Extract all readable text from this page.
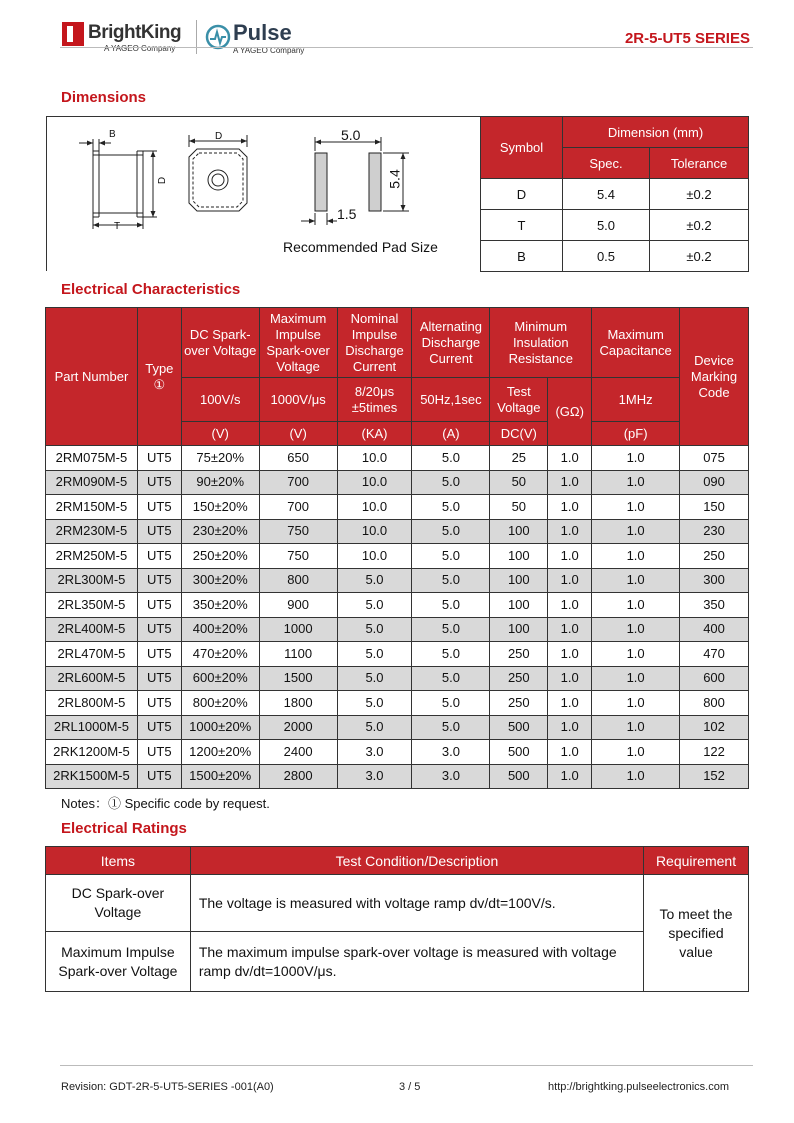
BrightKing
A YAGEO Company
Pulse
A YAGEO Company
2R-5-UT5 SERIES
Dimensions
B
T
D
D	5.0
5.4
1.5
Recommended Pad Size
Symbol	Dimension (mm)	
	Spec.	Tolerance
D	5.4	±0.2
T	5.0	±0.2
B	0.5	±0.2
Electrical Characteristics
Part Number	Type ①	DC Spark-over Voltage	Maximum Impulse Spark-over Voltage	Nominal Impulse Discharge Current	Alternating Discharge Current	Minimum Insulation Resistance		Maximum Capacitance	Device Marking Code
		100V/s	1000V/μs	8/20μs ±5times	50Hz,1sec	Test Voltage	(GΩ)	1MHz	
		(V)	(V)	(KA)	(A)	DC(V)		(pF)	
2RM075M-5	UT5	75±20%	650	10.0	5.0	25	1.0	1.0	075
2RM090M-5	UT5	90±20%	700	10.0	5.0	50	1.0	1.0	090
2RM150M-5	UT5	150±20%	700	10.0	5.0	50	1.0	1.0	150
2RM230M-5	UT5	230±20%	750	10.0	5.0	100	1.0	1.0	230
2RM250M-5	UT5	250±20%	750	10.0	5.0	100	1.0	1.0	250
2RL300M-5	UT5	300±20%	800	5.0	5.0	100	1.0	1.0	300
2RL350M-5	UT5	350±20%	900	5.0	5.0	100	1.0	1.0	350
2RL400M-5	UT5	400±20%	1000	5.0	5.0	100	1.0	1.0	400
2RL470M-5	UT5	470±20%	1100	5.0	5.0	250	1.0	1.0	470
2RL600M-5	UT5	600±20%	1500	5.0	5.0	250	1.0	1.0	600
2RL800M-5	UT5	800±20%	1800	5.0	5.0	250	1.0	1.0	800
2RL1000M-5	UT5	1000±20%	2000	5.0	5.0	500	1.0	1.0	102
2RK1200M-5	UT5	1200±20%	2400	3.0	3.0	500	1.0	1.0	122
2RK1500M-5	UT5	1500±20%	2800	3.0	3.0	500	1.0	1.0	152
Notes：① Specific code by request.
Electrical Ratings
Items	Test Condition/Description	Requirement
DC Spark-over Voltage	The voltage is measured with voltage ramp dv/dt=100V/s.	To meet the specified value
Maximum Impulse Spark-over Voltage	The maximum impulse spark-over voltage is measured with voltage ramp dv/dt=1000V/μs.	
Revision: GDT-2R-5-UT5-SERIES -001(A0)	3 / 5	http://brightking.pulseelectronics.com
